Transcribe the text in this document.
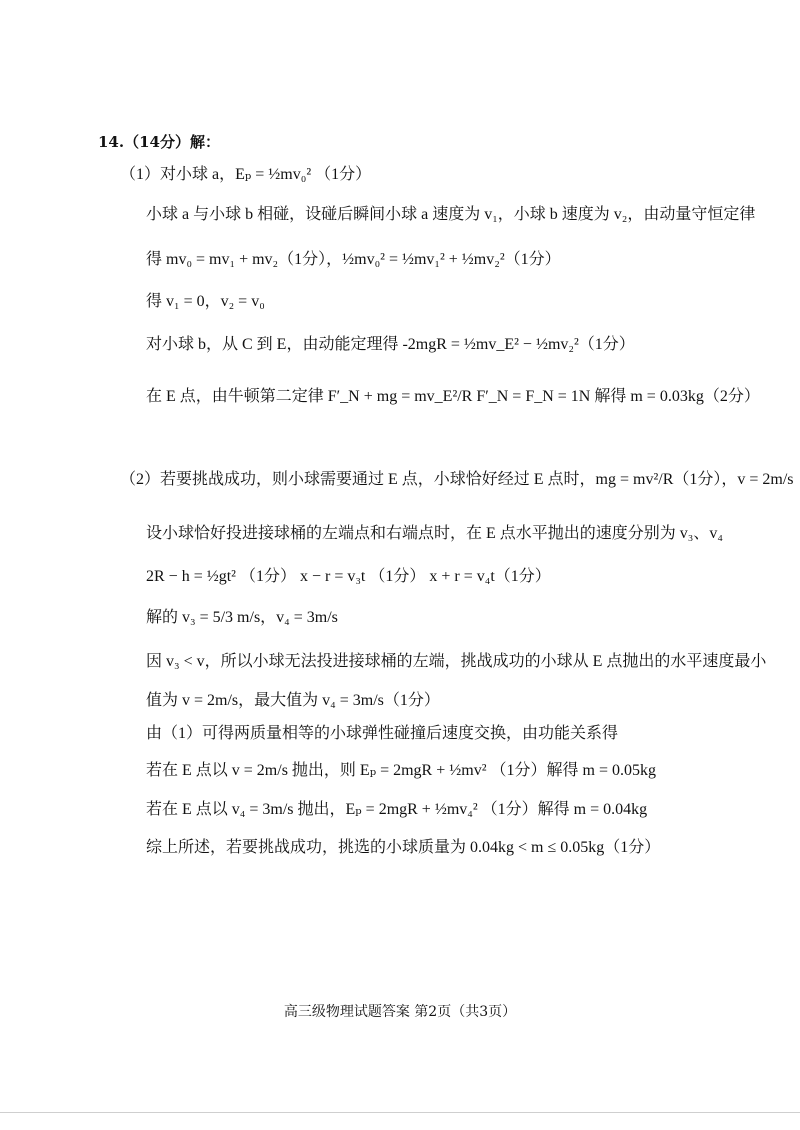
14.（14分）解：
（1）对小球 a，Eₚ = ½mv₀² （1分）
小球 a 与小球 b 相碰，设碰后瞬间小球 a 速度为 v₁，小球 b 速度为 v₂，由动量守恒定律
得 mv₀ = mv₁ + mv₂（1分），½mv₀² = ½mv₁² + ½mv₂²（1分）
得 v₁ = 0，v₂ = v₀
对小球 b，从 C 到 E，由动能定理得 -2mgR = ½mv_E² − ½mv₂²（1分）
在 E 点，由牛顿第二定律 F′_N + mg = mv_E²/R F′_N = F_N = 1N 解得 m = 0.03kg（2分）
（2）若要挑战成功，则小球需要通过 E 点，小球恰好经过 E 点时，mg = mv²/R（1分），v = 2m/s
设小球恰好投进接球桶的左端点和右端点时，在 E 点水平抛出的速度分别为 v₃、v₄
2R − h = ½gt² （1分） x − r = v₃t （1分） x + r = v₄t（1分）
解的 v₃ = 5/3 m/s，v₄ = 3m/s
因 v₃ < v，所以小球无法投进接球桶的左端，挑战成功的小球从 E 点抛出的水平速度最小
值为 v = 2m/s，最大值为 v₄ = 3m/s（1分）
由（1）可得两质量相等的小球弹性碰撞后速度交换，由功能关系得
若在 E 点以 v = 2m/s 抛出，则 Eₚ = 2mgR + ½mv² （1分）解得 m = 0.05kg
若在 E 点以 v₄ = 3m/s 抛出，Eₚ = 2mgR + ½mv₄² （1分）解得 m = 0.04kg
综上所述，若要挑战成功，挑选的小球质量为 0.04kg < m ≤ 0.05kg（1分）
高三级物理试题答案 第2页（共3页）
